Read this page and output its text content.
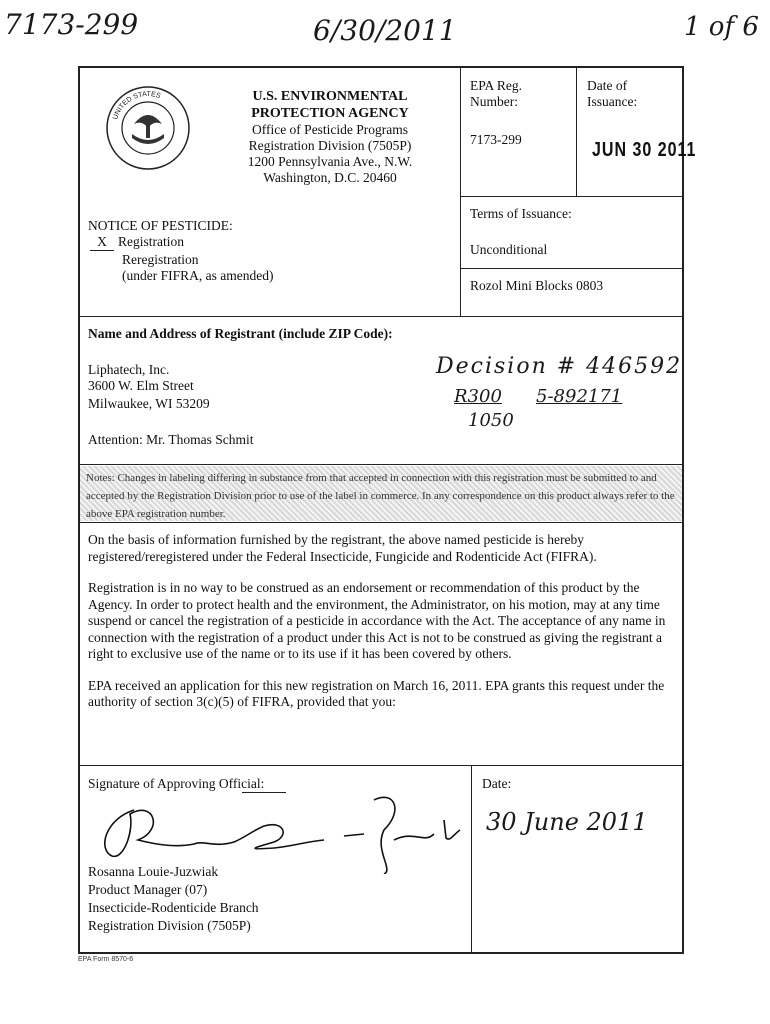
7173-299	6/30/2011	1 of 6
UNITED STATES	U.S. ENVIRONMENTAL
PROTECTION AGENCY
Office of Pesticide Programs
Registration Division (7505P)
1200 Pennsylvania Ave., N.W.
Washington, D.C. 20460
EPA Reg.
Number:
7173-299
Date of
Issuance:
JUN 30 2011
NOTICE OF PESTICIDE:
X Registration
Reregistration
(under FIFRA, as amended)
Terms of Issuance:
Unconditional
Rozol Mini Blocks 0803
Name and Address of Registrant (include ZIP Code):
Liphatech, Inc.
3600 W. Elm Street
Milwaukee, WI 53209
Attention: Mr. Thomas Schmit
Decision # 446592
R300 5-892171
1050
Notes: Changes in labeling differing in substance from that accepted in connection with this registration must be submitted to and accepted by the Registration Division prior to use of the label in commerce. In any correspondence on this product always refer to the above EPA registration number.

On the basis of information furnished by the registrant, the above named pesticide is hereby registered/reregistered under the Federal Insecticide, Fungicide and Rodenticide Act (FIFRA).

Registration is in no way to be construed as an endorsement or recommendation of this product by the Agency. In order to protect health and the environment, the Administrator, on his motion, may at any time suspend or cancel the registration of a pesticide in accordance with the Act. The acceptance of any name in connection with the registration of a product under this Act is not to be construed as giving the registrant a right to exclusive use of the name or to its use if it has been covered by others.

EPA received an application for this new registration on March 16, 2011. EPA grants this request under the authority of section 3(c)(5) of FIFRA, provided that you:

Signature of Approving Official:
Rosanna Louie-Juzwiak
Product Manager (07)
Insecticide-Rodenticide Branch
Registration Division (7505P)
Date:
30 June 2011
EPA Form 8570-6
